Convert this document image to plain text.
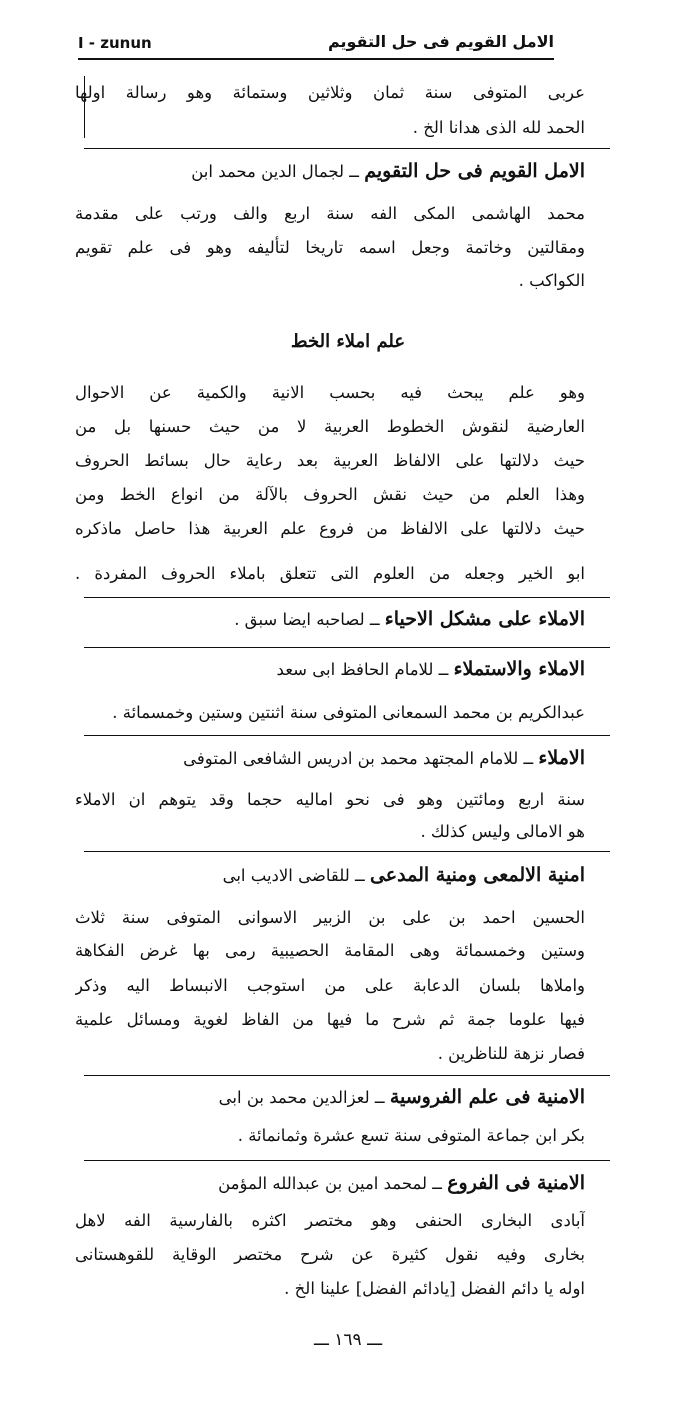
I - zunun	الامل القويم فى حل التقويم
عربى المتوفى سنة ثمان وثلاثين وستمائة وهو رسالة اولها
الحمد لله الذى هدانا الخ .
الامل القويم فى حل التقويم ــ لجمال الدين محمد ابن
محمد الهاشمى المكى الفه سنة اربع والف ورتب على مقدمة
ومقالتين وخاتمة وجعل اسمه تاريخا لتأليفه وهو فى علم تقويم
الكواكب .
علم املاء الخط
وهو علم يبحث فيه بحسب الانية والكمية عن الاحوال
العارضية لنقوش الخطوط العربية لا من حيث حسنها بل من
حيث دلالتها على الالفاظ العربية بعد رعاية حال بسائط الحروف
وهذا العلم من حيث نقش الحروف بالآلة من انواع الخط ومن
حيث دلالتها على الالفاظ من فروع علم العربية هذا حاصل ماذكره
ابو الخير وجعله من العلوم التى تتعلق باملاء الحروف المفردة .
الاملاء على مشكل الاحياء ــ لصاحبه ايضا سبق .
الاملاء والاستملاء ــ للامام الحافظ ابى سعد
عبدالكريم بن محمد السمعانى المتوفى سنة اثنتين وستين وخمسمائة .
الاملاء ــ للامام المجتهد محمد بن ادريس الشافعى المتوفى
سنة اربع ومائتين وهو فى نحو اماليه حجما وقد يتوهم ان الاملاء
هو الامالى وليس كذلك .
امنية الالمعى ومنية المدعى ــ للقاضى الاديب ابى
الحسين احمد بن على بن الزبير الاسوانى المتوفى سنة ثلاث
وستين وخمسمائة وهى المقامة الحصيبية رمى بها غرض الفكاهة
واملاها بلسان الدعابة على من استوجب الانبساط اليه وذكر
فيها علوما جمة ثم شرح ما فيها من الفاظ لغوية ومسائل علمية
فصار نزهة للناظرين .
الامنية فى علم الفروسية ــ لعزالدين محمد بن ابى
بكر ابن جماعة المتوفى سنة تسع عشرة وثمانمائة .
الامنية فى الفروع ــ لمحمد امين بن عبدالله المؤمن
آبادى البخارى الحنفى وهو مختصر اكثره بالفارسية الفه لاهل
بخارى وفيه نقول كثيرة عن شرح مختصر الوقاية للقوهستانى
اوله يا دائم الفضل [يادائم الفضل] علينا الخ .
ـــ ١٦٩ ـــ
